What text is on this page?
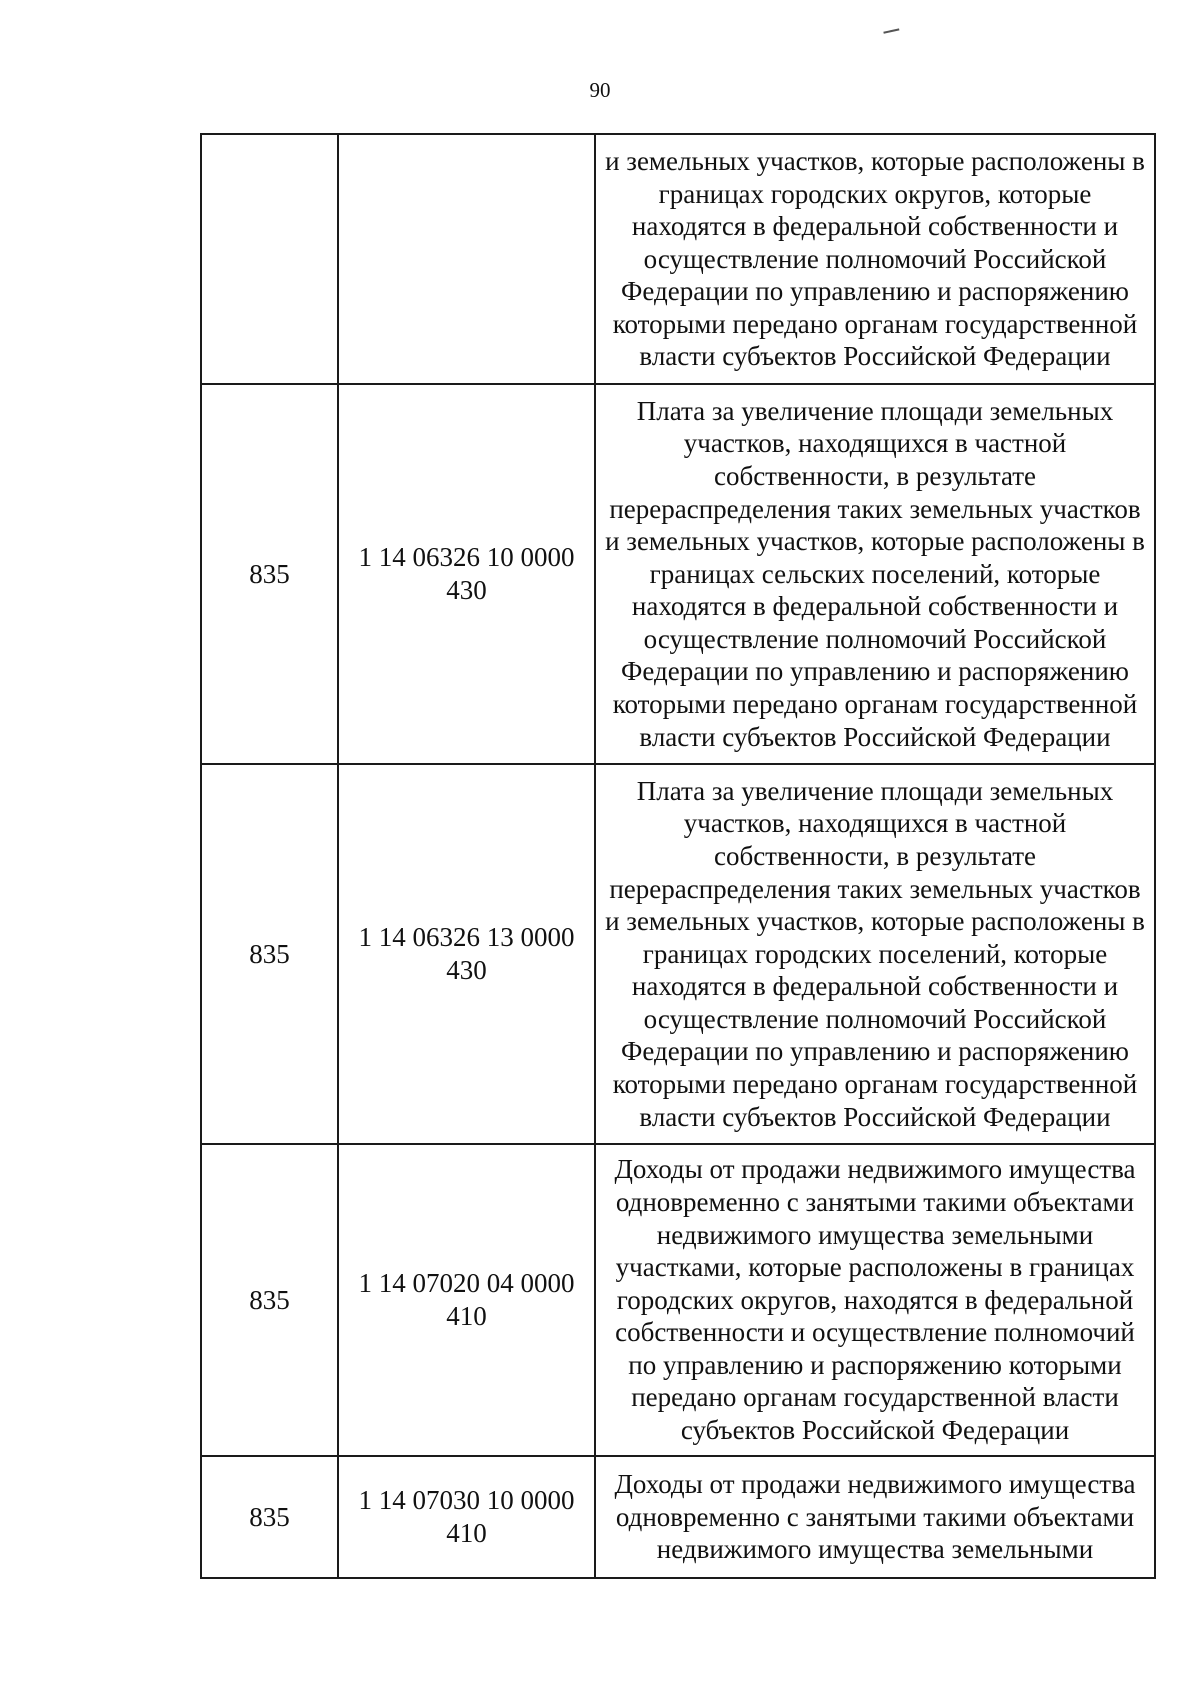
90
		и земельных участков, которые расположены в границах городских округов, которые находятся в федеральной собственности и осуществление полномочий Российской Федерации по управлению и распоряжению которыми передано органам государственной власти субъектов Российской Федерации
835	1 14 06326 10 0000 430	Плата за увеличение площади земельных участков, находящихся в частной собственности, в результате перераспределения таких земельных участков и земельных участков, которые расположены в границах сельских поселений, которые находятся в федеральной собственности и осуществление полномочий Российской Федерации по управлению и распоряжению которыми передано органам государственной власти субъектов Российской Федерации
835	1 14 06326 13 0000 430	Плата за увеличение площади земельных участков, находящихся в частной собственности, в результате перераспределения таких земельных участков и земельных участков, которые расположены в границах городских поселений, которые находятся в федеральной собственности и осуществление полномочий Российской Федерации по управлению и распоряжению которыми передано органам государственной власти субъектов Российской Федерации
835	1 14 07020 04 0000 410	Доходы от продажи недвижимого имущества одновременно с занятыми такими объектами недвижимого имущества земельными участками, которые расположены в границах городских округов, находятся в федеральной собственности и осуществление полномочий по управлению и распоряжению которыми передано органам государственной власти субъектов Российской Федерации
835	1 14 07030 10 0000 410	Доходы от продажи недвижимого имущества одновременно с занятыми такими объектами недвижимого имущества земельными
